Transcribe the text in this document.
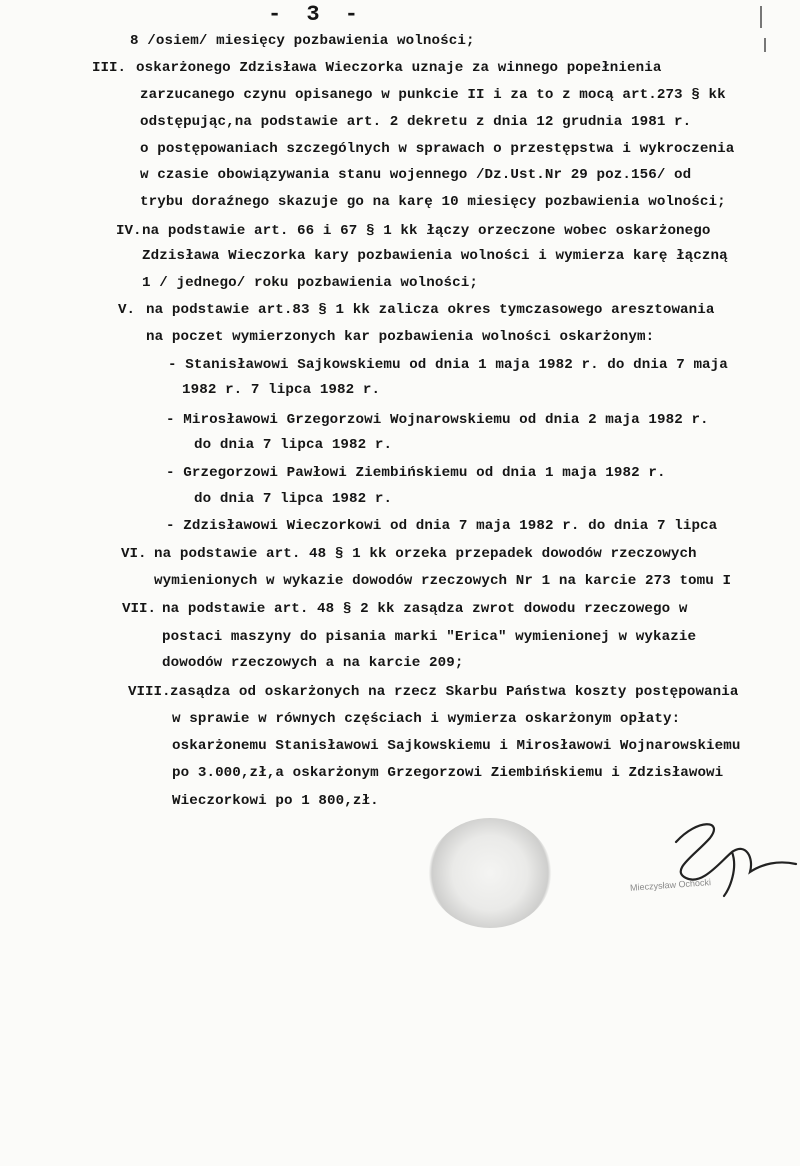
- 3 -
III.
IV.
V.
VI.
VII.
VIII.
8 /osiem/ miesięcy pozbawienia wolności;
oskarżonego Zdzisława Wieczorka uznaje za winnego popełnienia
zarzucanego czynu opisanego w punkcie II i za to z mocą art.273 § kk
odstępując,na podstawie art. 2 dekretu z dnia 12 grudnia 1981 r.
o postępowaniach szczególnych w sprawach o przestępstwa i wykroczenia
w czasie obowiązywania stanu wojennego /Dz.Ust.Nr 29 poz.156/ od
trybu doraźnego skazuje go na karę 10 miesięcy pozbawienia wolności;
na podstawie art. 66 i 67 § 1 kk łączy orzeczone wobec oskarżonego
Zdzisława Wieczorka kary pozbawienia wolności i wymierza karę łączną
1 / jednego/ roku pozbawienia wolności;
na podstawie art.83 § 1 kk zalicza okres tymczasowego aresztowania
na poczet wymierzonych kar pozbawienia wolności oskarżonym:
- Stanisławowi Sajkowskiemu od dnia 1 maja 1982 r. do dnia 7 maja
1982 r. 7 lipca 1982 r.
- Mirosławowi Grzegorzowi Wojnarowskiemu od dnia 2 maja 1982 r.
do dnia 7 lipca 1982 r.
- Grzegorzowi Pawłowi Ziembińskiemu od dnia 1 maja 1982 r.
do dnia 7 lipca 1982 r.
- Zdzisławowi Wieczorkowi od dnia 7 maja 1982 r. do dnia 7 lipca
na podstawie art. 48 § 1 kk orzeka przepadek dowodów rzeczowych
wymienionych w wykazie dowodów rzeczowych Nr 1 na karcie 273 tomu I
na podstawie art. 48 § 2 kk zasądza zwrot dowodu rzeczowego w
postaci maszyny do pisania marki "Erica" wymienionej w wykazie
dowodów rzeczowych a na karcie 209;
zasądza od oskarżonych na rzecz Skarbu Państwa koszty postępowania
w sprawie w równych częściach i wymierza oskarżonym opłaty:
oskarżonemu Stanisławowi Sajkowskiemu i Mirosławowi Wojnarowskiemu
po 3.000,zł,a oskarżonym Grzegorzowi Ziembińskiemu i Zdzisławowi
Wieczorkowi po 1 800,zł.
Mieczysław Ochocki
